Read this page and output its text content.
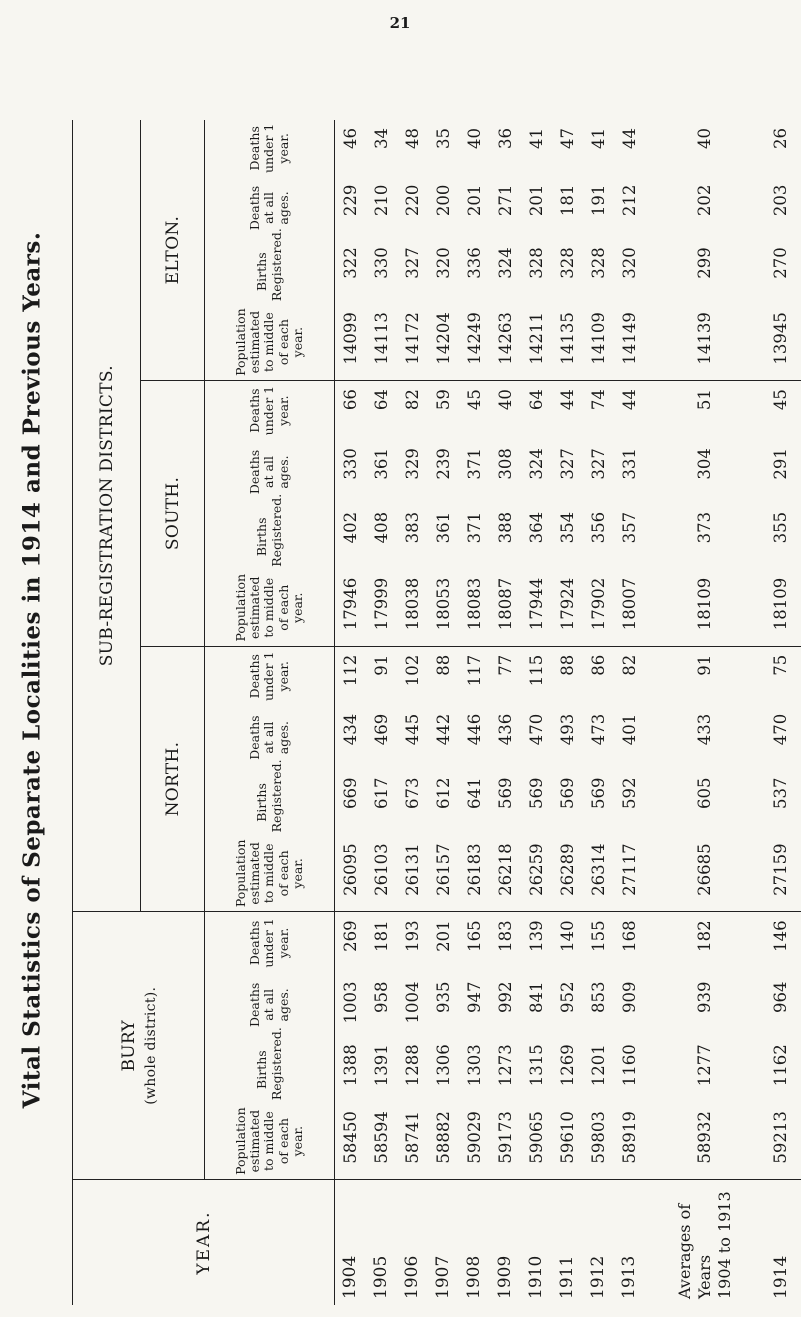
21
Vital Statistics of Separate Localities in 1914 and Previous Years.
YEAR.	BURY (whole district).				SUB-REGISTRATION DISTRICTS.											
					NORTH.				SOUTH.				ELTON.			
	Population estimated to middle of each year.	Births Registered.	Deaths at all ages.	Deaths under 1 year.	Population estimated to middle of each year.	Births Registered.	Deaths at all ages.	Deaths under 1 year.	Population estimated to middle of each year.	Births Registered.	Deaths at all ages.	Deaths under 1 year.	Population estimated to middle of each year.	Births Registered.	Deaths at all ages.	Deaths under 1 year.
1904	58450	1388	1003	269	26095	669	434	112	17946	402	330	66	14099	322	229	46
1905	58594	1391	958	181	26103	617	469	91	17999	408	361	64	14113	330	210	34
1906	58741	1288	1004	193	26131	673	445	102	18038	383	329	82	14172	327	220	48
1907	58882	1306	935	201	26157	612	442	88	18053	361	239	59	14204	320	200	35
1908	59029	1303	947	165	26183	641	446	117	18083	371	371	45	14249	336	201	40
1909	59173	1273	992	183	26218	569	436	77	18087	388	308	40	14263	324	271	36
1910	59065	1315	841	139	26259	569	470	115	17944	364	324	64	14211	328	201	41
1911	59610	1269	952	140	26289	569	493	88	17924	354	327	44	14135	328	181	47
1912	59803	1201	853	155	26314	569	473	86	17902	356	327	74	14109	328	191	41
1913	58919	1160	909	168	27117	592	401	82	18007	357	331	44	14149	320	212	44

Averages of Years 1904 to 1913	58932	1277	939	182	26685	605	433	91	18109	373	304	51	14139	299	202	40
1914	59213	1162	964	146	27159	537	470	75	18109	355	291	45	13945	270	203	26
